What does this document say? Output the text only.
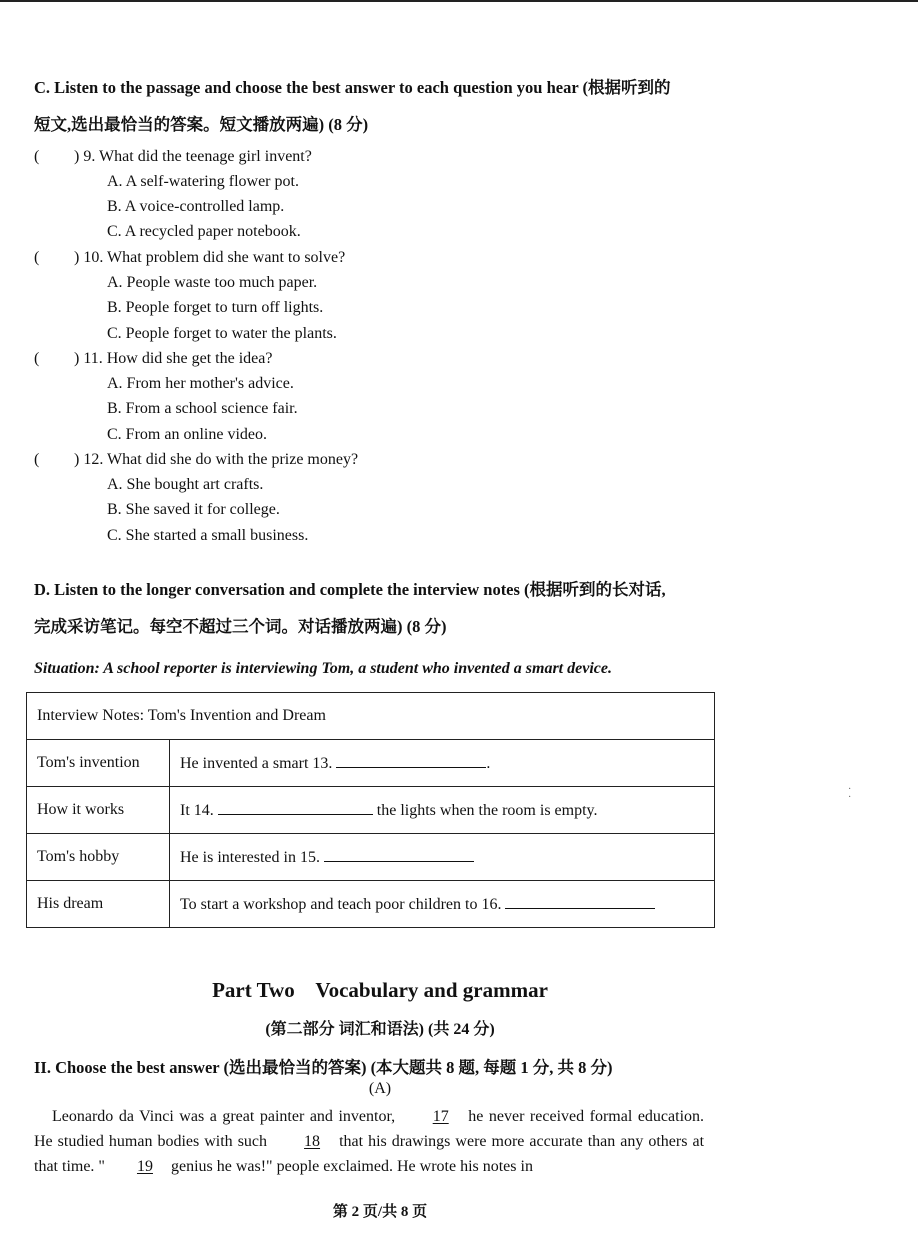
C. Listen to the passage and choose the best answer to each question you hear (根据听到的
短文,选出最恰当的答案。短文播放两遍) (8 分)
( ) 9. What did the teenage girl invent?
A. A self-watering flower pot.
B. A voice-controlled lamp.
C. A recycled paper notebook.
( ) 10. What problem did she want to solve?
A. People waste too much paper.
B. People forget to turn off lights.
C. People forget to water the plants.
( ) 11. How did she get the idea?
A. From her mother's advice.
B. From a school science fair.
C. From an online video.
( ) 12. What did she do with the prize money?
A. She bought art crafts.
B. She saved it for college.
C. She started a small business.
D. Listen to the longer conversation and complete the interview notes (根据听到的长对话,
完成采访笔记。每空不超过三个词。对话播放两遍) (8 分)
Situation: A school reporter is interviewing Tom, a student who invented a smart device.
Interview Notes: Tom's Invention and Dream	
Tom's invention	He invented a smart 13. .
How it works	It 14. the lights when the room is empty.
Tom's hobby	He is interested in 15.
His dream	To start a workshop and teach poor children to 16.
·
·
Part Two    Vocabulary and grammar
(第二部分 词汇和语法) (共 24 分)
II. Choose the best answer (选出最恰当的答案) (本大题共 8 题, 每题 1 分, 共 8 分)
(A)
Leonardo da Vinci was a great painter and inventor, 17 he never received formal education. He studied human bodies with such 18 that his drawings were more accurate than any others at that time. " 19 genius he was!" people exclaimed. He wrote his notes in
第 2 页/共 8 页
